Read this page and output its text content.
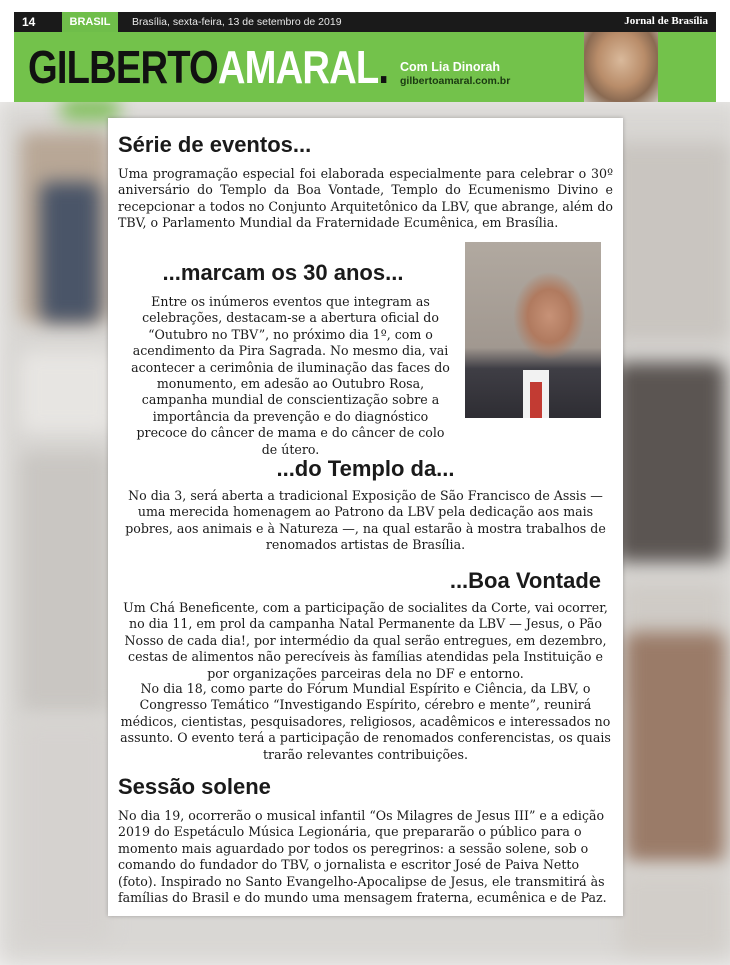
14	BRASIL	Brasília, sexta-feira, 13 de setembro de 2019	Jornal de Brasília
GILBERTOAMARAL. Com Lia Dinorah
gilbertoamaral.com.br
Série de eventos...

Uma programação especial foi elaborada especialmente para celebrar o 30º aniversário do Templo da Boa Vontade, Templo do Ecumenismo Divino e recepcionar a todos no Conjunto Arquitetônico da LBV, que abrange, além do TBV, o Parlamento Mundial da Fraternidade Ecumênica, em Brasília.

...marcam os 30 anos...

Entre os inúmeros eventos que integram as celebrações, destacam-se a abertura oficial do “Outubro no TBV”, no próximo dia 1º, com o acendimento da Pira Sagrada. No mesmo dia, vai acontecer a cerimônia de iluminação das faces do monumento, em adesão ao Outubro Rosa, campanha mundial de conscientização sobre a importância da prevenção e do diagnóstico precoce do câncer de mama e do câncer de colo de útero.

...do Templo da...

No dia 3, será aberta a tradicional Exposição de São Francisco de Assis — uma merecida homenagem ao Patrono da LBV pela dedicação aos mais pobres, aos animais e à Natureza —, na qual estarão à mostra trabalhos de renomados artistas de Brasília.

...Boa Vontade

Um Chá Beneficente, com a participação de socialites da Corte, vai ocorrer, no dia 11, em prol da campanha Natal Permanente da LBV — Jesus, o Pão Nosso de cada dia!, por intermédio da qual serão entregues, em dezembro, cestas de alimentos não perecíveis às famílias atendidas pela Instituição e por organizações parceiras dela no DF e entorno.

No dia 18, como parte do Fórum Mundial Espírito e Ciência, da LBV, o Congresso Temático “Investigando Espírito, cérebro e mente”, reunirá médicos, cientistas, pesquisadores, religiosos, acadêmicos e interessados no assunto. O evento terá a participação de renomados conferencistas, os quais trarão relevantes contribuições.

Sessão solene

No dia 19, ocorrerão o musical infantil “Os Milagres de Jesus III” e a edição 2019 do Espetáculo Música Legionária, que prepararão o público para o momento mais aguardado por todos os peregrinos: a sessão solene, sob o comando do fundador do TBV, o jornalista e escritor José de Paiva Netto (foto). Inspirado no Santo Evangelho-Apocalipse de Jesus, ele transmitirá às famílias do Brasil e do mundo uma mensagem fraterna, ecumênica e de Paz.
